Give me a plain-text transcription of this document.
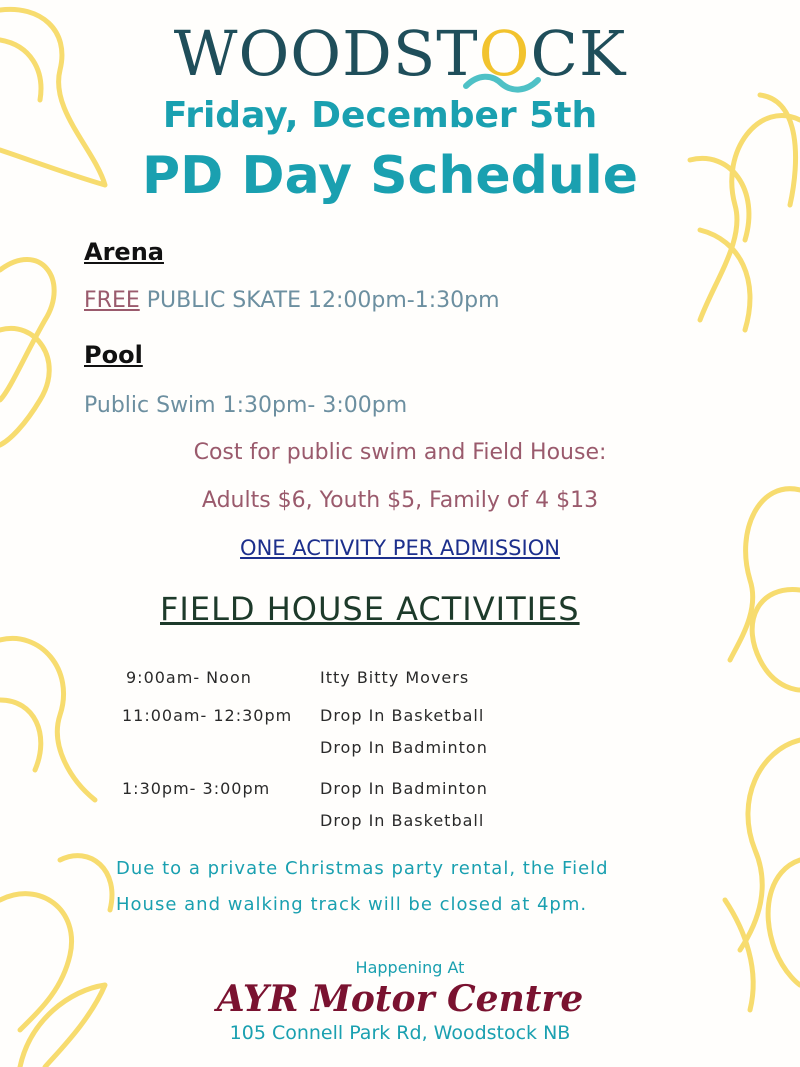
WOODSTOCK
Friday, December 5th
PD Day Schedule
Arena
FREE PUBLIC SKATE 12:00pm-1:30pm
Pool
Public Swim 1:30pm- 3:00pm
Cost for public swim and Field House:
Adults $6, Youth $5, Family of 4 $13
ONE ACTIVITY PER ADMISSION
FIELD HOUSE ACTIVITIES
9:00am- Noon	Itty Bitty Movers
11:00am- 12:30pm Drop In Basketball
Drop In Badminton
1:30pm- 3:00pm	Drop In Badminton
Drop In Basketball
Due to a private Christmas party rental, the Field
House and walking track will be closed at 4pm.
Happening At
AYR Motor Centre
105 Connell Park Rd, Woodstock NB
